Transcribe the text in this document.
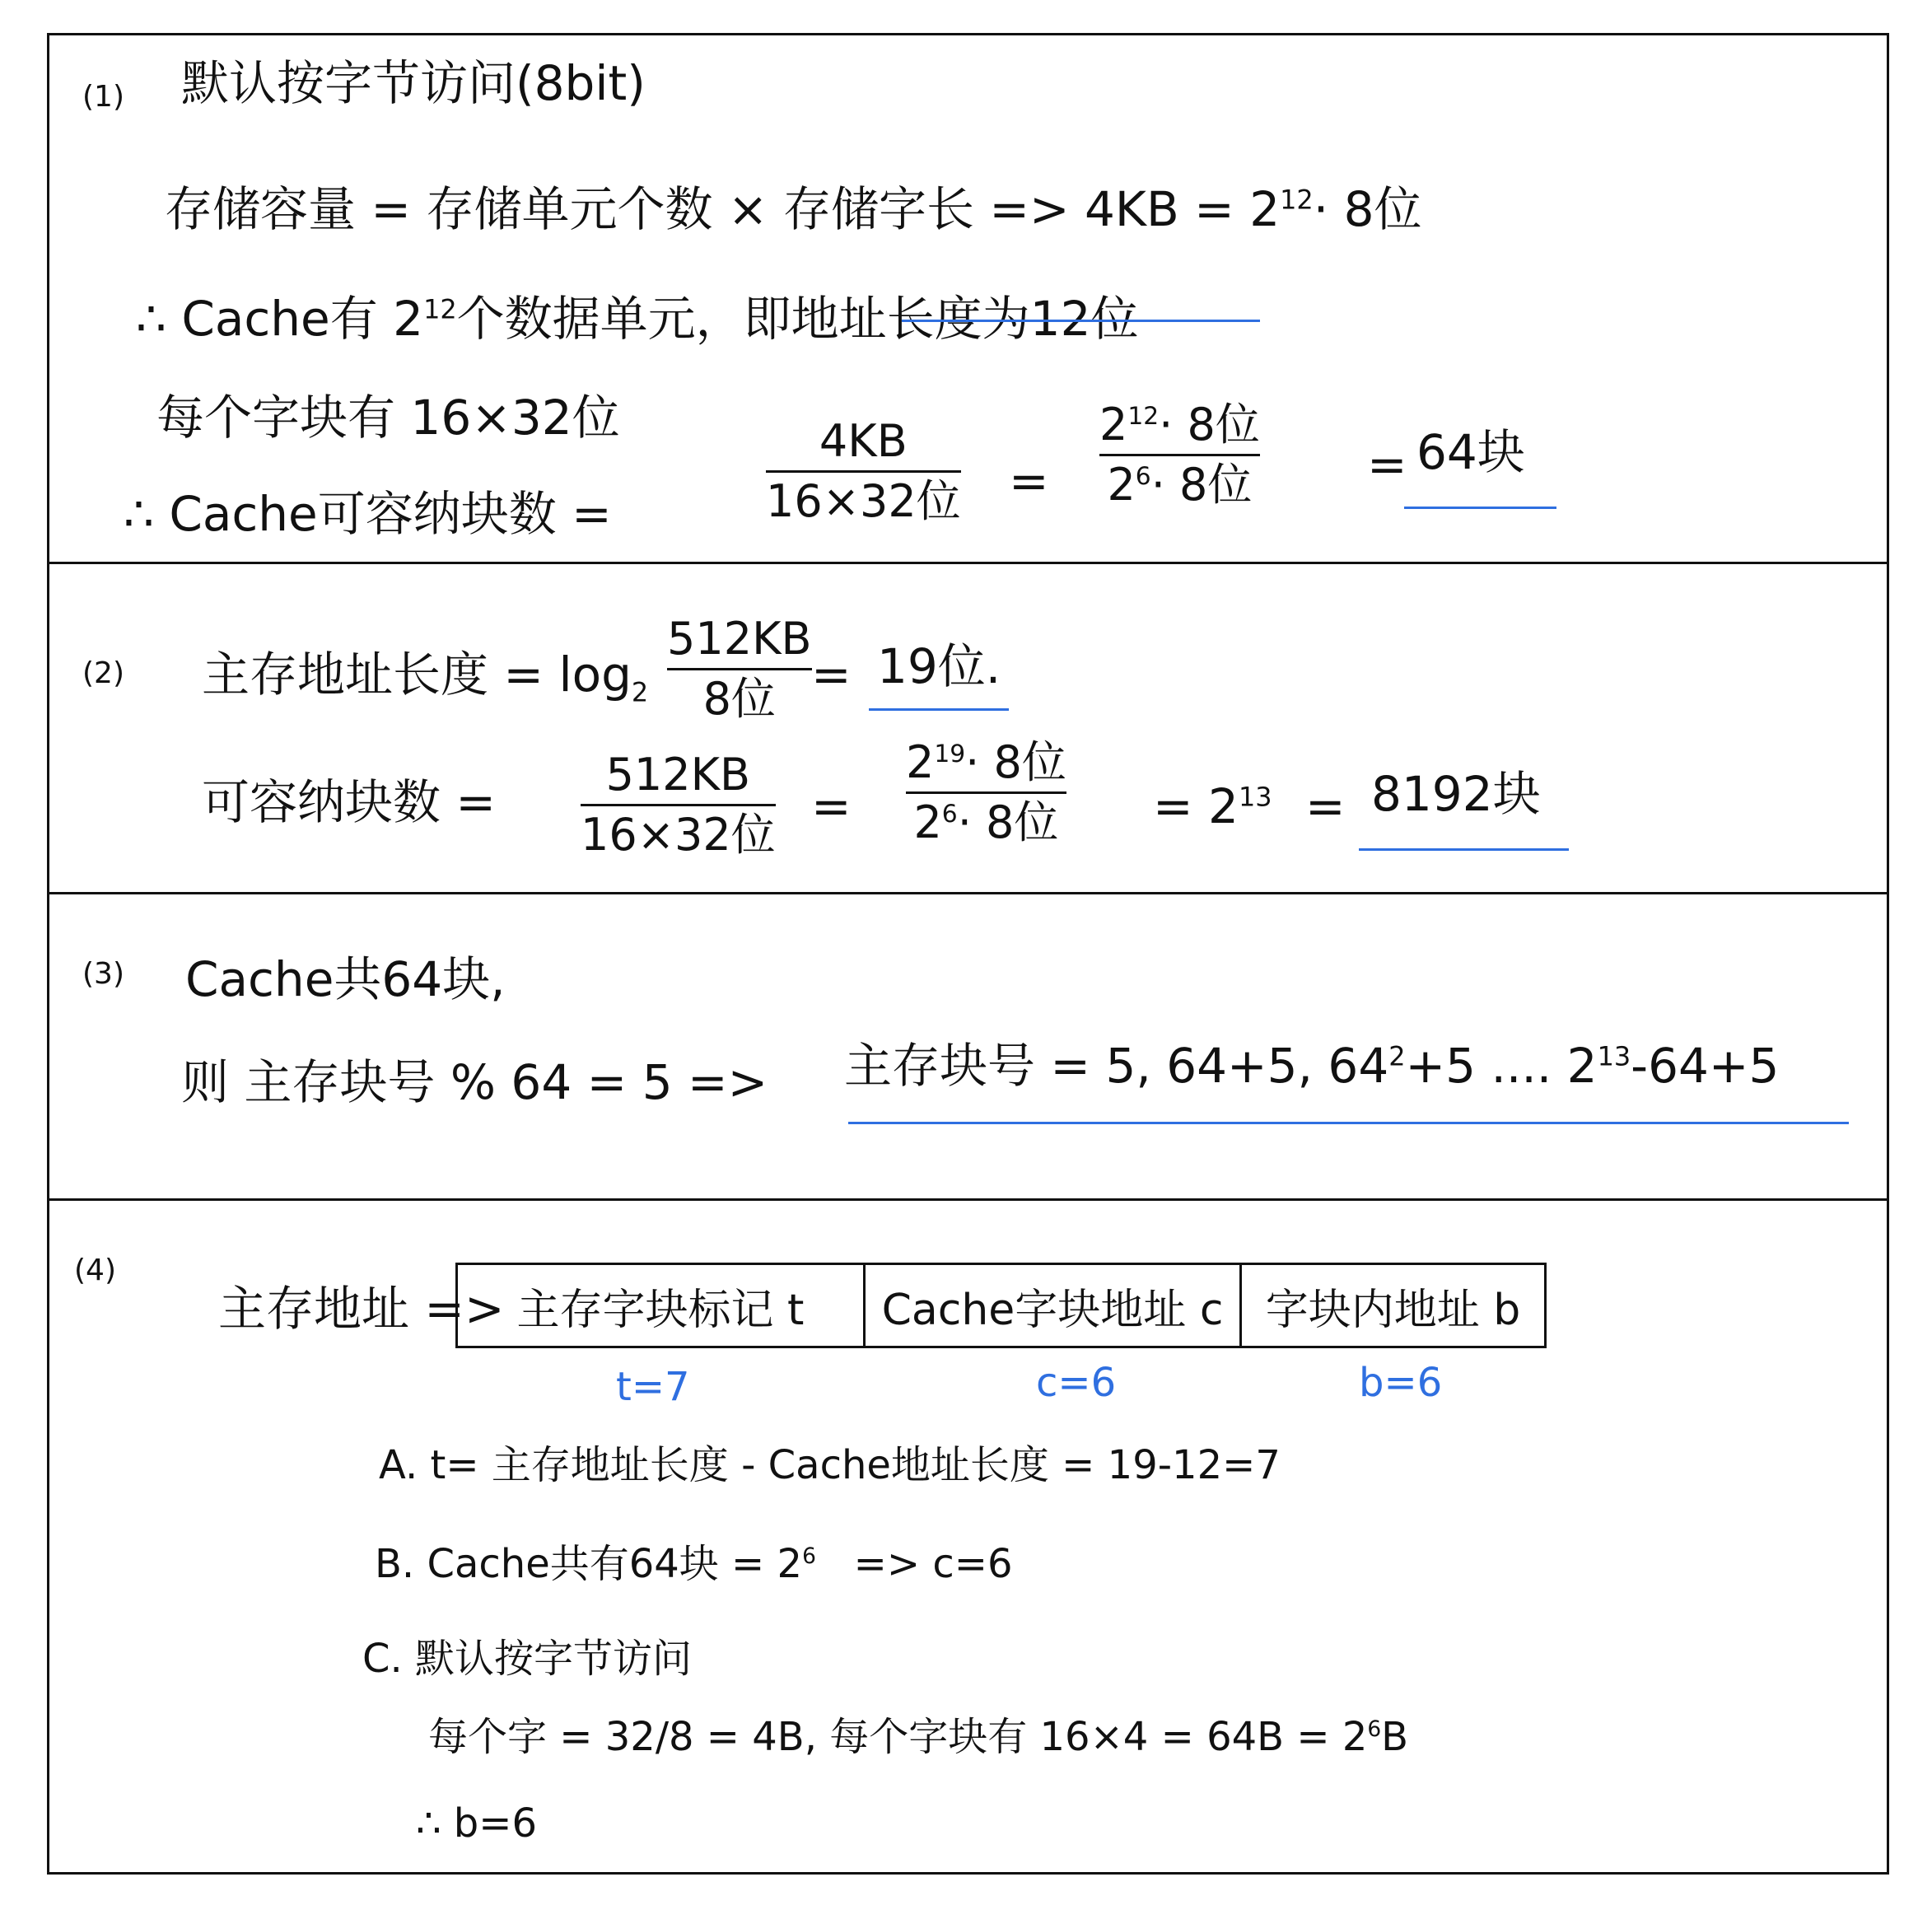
(1) 默认按字节访问(8bit)
存储容量 = 存储单元个数 × 存储字长 => $4KB = 2^{12}\cdot 8$位
∴ Cache有 $2^{12}$个数据单元，即地址长度为12位
每个字块有 16×32位
∴ Cache可容纳块数 =
4KB
16×32位 =
$2^{12}\cdot 8$位
$2^6\cdot 8$位 = 64块
(2) 主存地址长度 = $\log_2$
512KB
8位 = 19位.
可容纳块数 = 512KB
16×32位
=
$2^{19}\cdot 8$位
$2^6\cdot 8$位 = $2^{13} = 8192$块
(3) Cache共64块,
则 主存块号 % 64 = 5 => 主存块号 = 5, 64+5, $64^2+5$ .... $2^{13}-64+5$
(4)
主存地址 => 主存字块标记 t	Cache字块地址 c 字块内地址 b
t=7	c=6	b=6
A. t= 主存地址长度 - Cache地址长度 = 19-12=7
B. Cache共有64块 = $2^6 => c=6$
C. 默认按字节访问
每个字 = 32/8 = 4B, 每个字块有 $16\times 4 = 64B = 2^6B$
∴ b=6
